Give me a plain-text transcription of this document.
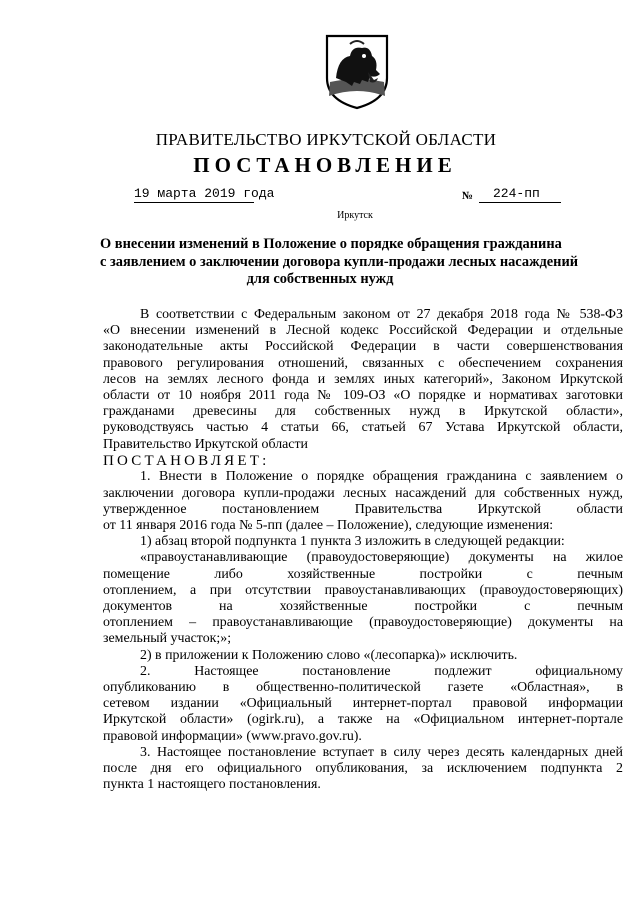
ПРАВИТЕЛЬСТВО ИРКУТСКОЙ ОБЛАСТИ
ПОСТАНОВЛЕНИЕ
19 марта 2019 года	№	224-пп
Иркутск
О внесении изменений в Положение о порядке обращения гражданина
с заявлением о заключении договора купли-продажи лесных насаждений
для собственных нужд
В соответствии с Федеральным законом от 27 декабря 2018 года № 538-ФЗ
«О внесении изменений в Лесной кодекс Российской Федерации и отдельные
законодательные акты Российской Федерации в части совершенствования
правового регулирования отношений, связанных с обеспечением сохранения
лесов на землях лесного фонда и землях иных категорий», Законом Иркутской
области от 10 ноября 2011 года № 109-ОЗ «О порядке и нормативах заготовки
гражданами древесины для собственных нужд в Иркутской области»,
руководствуясь частью 4 статьи 66, статьей 67 Устава Иркутской области,
Правительство Иркутской области
ПОСТАНОВЛЯЕТ:
1. Внести в Положение о порядке обращения гражданина с заявлением о
заключении договора купли-продажи лесных насаждений для собственных нужд,
утвержденное постановлением Правительства Иркутской области
от 11 января 2016 года № 5-пп (далее – Положение), следующие изменения:
1) абзац второй подпункта 1 пункта 3 изложить в следующей редакции:
«правоустанавливающие (правоудостоверяющие) документы на жилое
помещение либо хозяйственные постройки с печным
отоплением, а при отсутствии правоустанавливающих (правоудостоверяющих)
документов на хозяйственные постройки с печным
отоплением – правоустанавливающие (правоудостоверяющие) документы на
земельный участок;»;
2) в приложении к Положению слово «(лесопарка)» исключить.
2. Настоящее постановление подлежит официальному
опубликованию в общественно-политической газете «Областная», в
сетевом издании «Официальный интернет-портал правовой информации
Иркутской области» (ogirk.ru), а также на «Официальном интернет-портале
правовой информации» (www.pravo.gov.ru).
3. Настоящее постановление вступает в силу через десять календарных дней
после дня его официального опубликования, за исключением подпункта 2
пункта 1 настоящего постановления.
